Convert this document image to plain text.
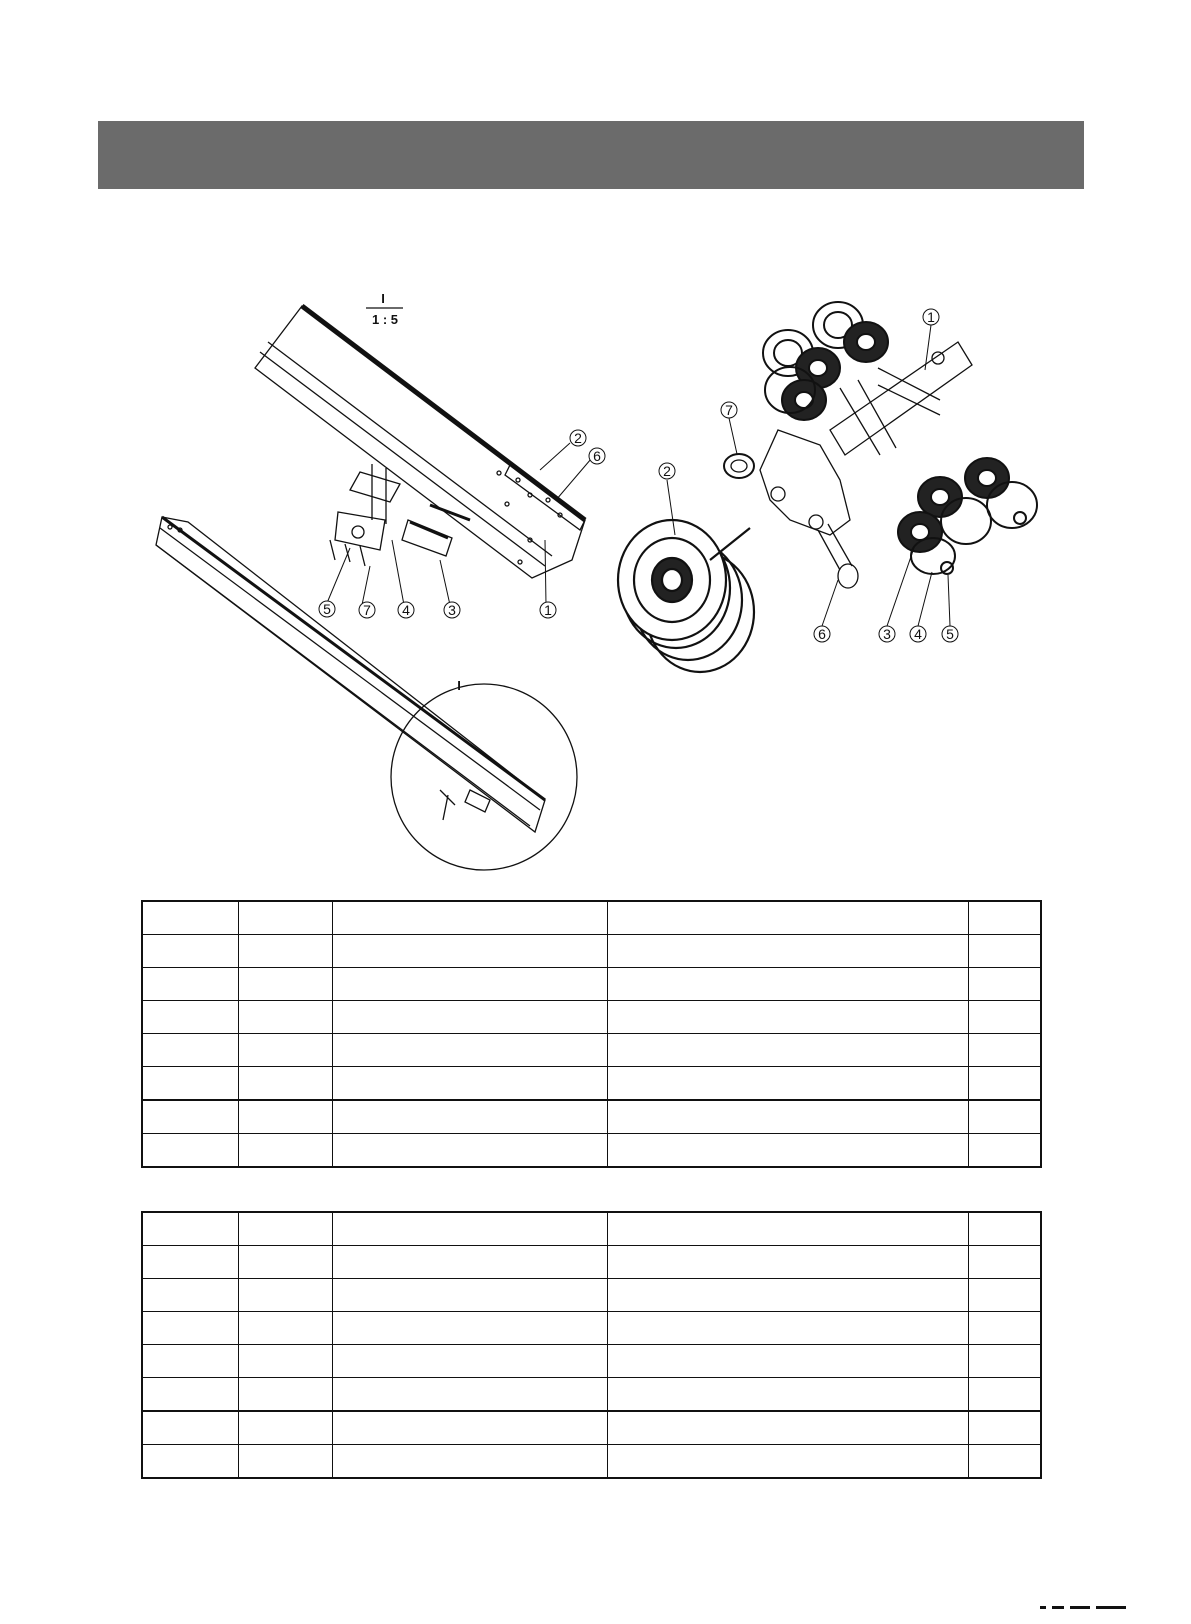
I
1 : 5
I
2
6
5 7 4	3	1
1
7
2
6	3 4 5
